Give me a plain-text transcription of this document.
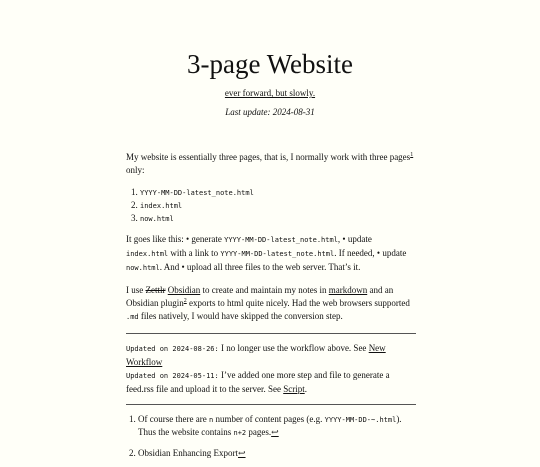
3-page Website
ever forward, but slowly.
Last update: 2024-08-31

My website is essentially three pages, that is, I normally work with three pages$^1$ only:

1. YYYY-MM-DD-latest_note.html
2. index.html
3. now.html

It goes like this: • generate YYYY-MM-DD-latest_note.html, • update index.html with a link to YYYY-MM-DD-latest_note.html. If needed, • update now.html. And • upload all three files to the web server. That’s it.

I use Zettlr Obsidian to create and maintain my notes in markdown and an Obsidian plugin$^2$ exports to html quite nicely. Had the web browsers supported .md files natively, I would have skipped the conversion step.

Updated on 2024-08-26: I no longer use the workflow above. See New Workflow
Updated on 2024-05-11: I’ve added one more step and file to generate a feed.rss file and upload it to the server. See Script.
1. Of course there are n number of content pages (e.g. YYYY-MM-DD-~.html). Thus the website contains n+2 pages.↩
2. Obsidian Enhancing Export↩
